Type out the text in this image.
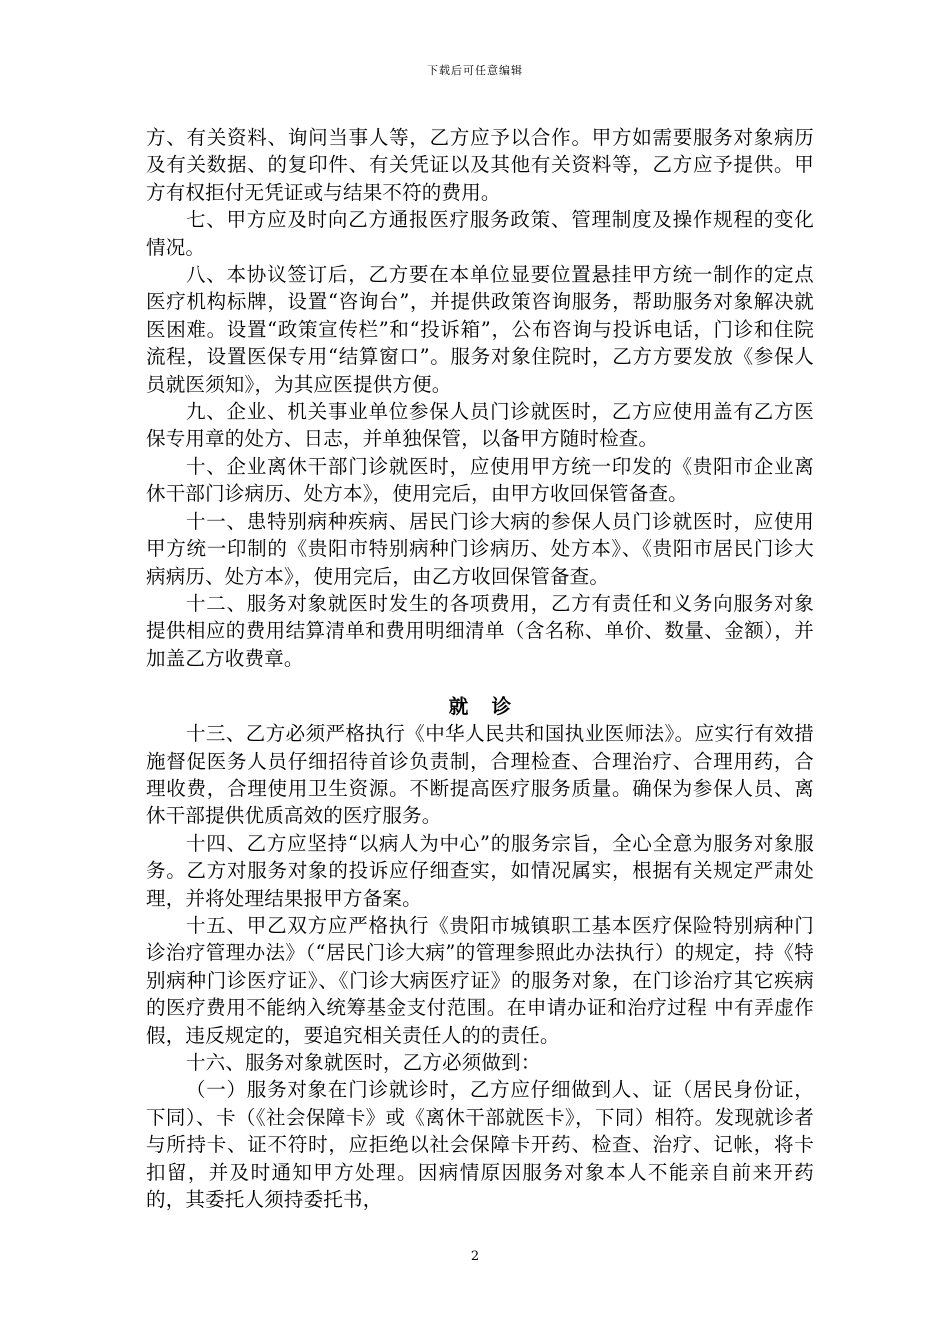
下载后可任意编辑

方、有关资料、询问当事人等，乙方应予以合作。甲方如需要服务对象病历及有关数据、的复印件、有关凭证以及其他有关资料等，乙方应予提供。甲方有权拒付无凭证或与结果不符的费用。

七、甲方应及时向乙方通报医疗服务政策、管理制度及操作规程的变化情况。

八、本协议签订后，乙方要在本单位显要位置悬挂甲方统一制作的定点医疗机构标牌，设置“咨询台”，并提供政策咨询服务，帮助服务对象解决就医困难。设置“政策宣传栏”和“投诉箱”，公布咨询与投诉电话，门诊和住院流程，设置医保专用“结算窗口”。服务对象住院时，乙方方要发放《参保人员就医须知》，为其应医提供方便。

九、企业、机关事业单位参保人员门诊就医时，乙方应使用盖有乙方医保专用章的处方、日志，并单独保管，以备甲方随时检查。

十、企业离休干部门诊就医时，应使用甲方统一印发的《贵阳市企业离休干部门诊病历、处方本》，使用完后，由甲方收回保管备查。

十一、患特别病种疾病、居民门诊大病的参保人员门诊就医时，应使用甲方统一印制的《贵阳市特别病种门诊病历、处方本》、《贵阳市居民门诊大病病历、处方本》，使用完后，由乙方收回保管备查。

十二、服务对象就医时发生的各项费用，乙方有责任和义务向服务对象提供相应的费用结算清单和费用明细清单（含名称、单价、数量、金额），并加盖乙方收费章。

就诊

十三、乙方必须严格执行《中华人民共和国执业医师法》。应实行有效措施督促医务人员仔细招待首诊负责制，合理检查、合理治疗、合理用药，合理收费，合理使用卫生资源。不断提高医疗服务质量。确保为参保人员、离休干部提供优质高效的医疗服务。

十四、乙方应坚持“以病人为中心”的服务宗旨，全心全意为服务对象服务。乙方对服务对象的投诉应仔细查实，如情况属实，根据有关规定严肃处理，并将处理结果报甲方备案。

十五、甲乙双方应严格执行《贵阳市城镇职工基本医疗保险特别病种门诊治疗管理办法》（“居民门诊大病”的管理参照此办法执行）的规定，持《特别病种门诊医疗证》、《门诊大病医疗证》的服务对象，在门诊治疗其它疾病的医疗费用不能纳入统筹基金支付范围。在申请办证和治疗过程 中有弄虚作假，违反规定的，要追究相关责任人的的责任。

十六、服务对象就医时，乙方必须做到：

（一）服务对象在门诊就诊时，乙方应仔细做到人、证（居民身份证，下同）、卡（《社会保障卡》或《离休干部就医卡》，下同）相符。发现就诊者与所持卡、证不符时，应拒绝以社会保障卡开药、检查、治疗、记帐，将卡扣留，并及时通知甲方处理。因病情原因服务对象本人不能亲自前来开药的，其委托人须持委托书，

2
